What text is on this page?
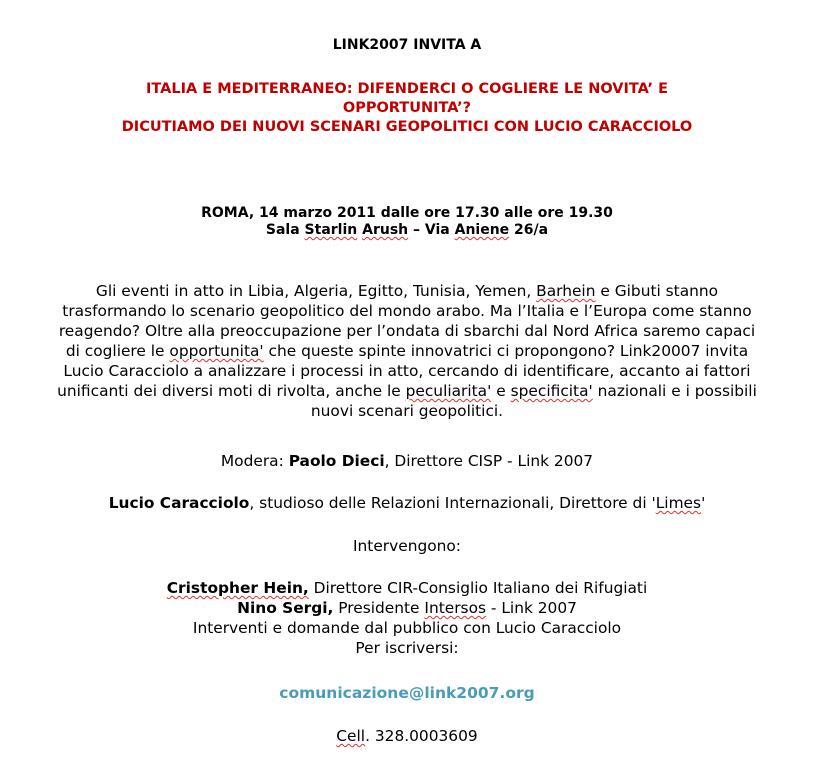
LINK2007 INVITA A
ITALIA E MEDITERRANEO: DIFENDERCI O COGLIERE LE NOVITA’ E
OPPORTUNITA’?
DICUTIAMO DEI NUOVI SCENARI GEOPOLITICI CON LUCIO CARACCIOLO
ROMA, 14 marzo 2011 dalle ore 17.30 alle ore 19.30
Sala Starlin Arush – Via Aniene 26/a
Gli eventi in atto in Libia, Algeria, Egitto, Tunisia, Yemen, Barhein e Gibuti stanno
trasformando lo scenario geopolitico del mondo arabo. Ma l’Italia e l’Europa come stanno
reagendo? Oltre alla preoccupazione per l’ondata di sbarchi dal Nord Africa saremo capaci
di cogliere le opportunita' che queste spinte innovatrici ci propongono? Link20007 invita
Lucio Caracciolo a analizzare i processi in atto, cercando di identificare, accanto ai fattori
unificanti dei diversi moti di rivolta, anche le peculiarita' e specificita' nazionali e i possibili
nuovi scenari geopolitici.
Modera: Paolo Dieci, Direttore CISP - Link 2007
Lucio Caracciolo, studioso delle Relazioni Internazionali, Direttore di 'Limes'
Intervengono:
Cristopher Hein, Direttore CIR-Consiglio Italiano dei Rifugiati
Nino Sergi, Presidente Intersos - Link 2007
Interventi e domande dal pubblico con Lucio Caracciolo
Per iscriversi:
comunicazione@link2007.org
Cell. 328.0003609
